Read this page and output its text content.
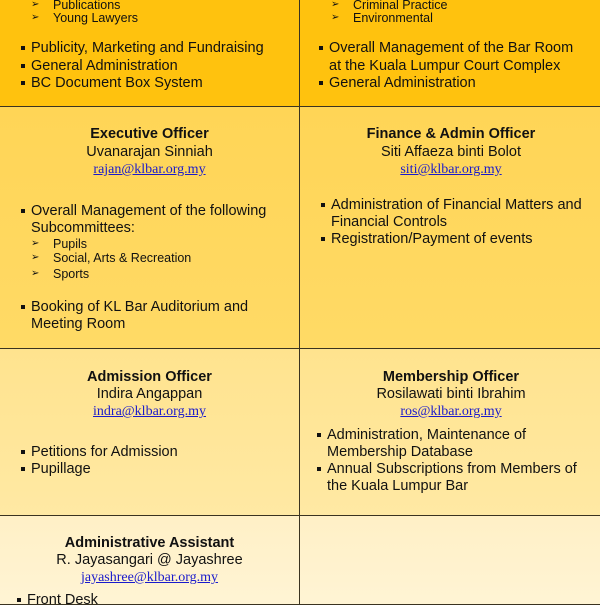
➢ Publications
➢ Young Lawyers
Publicity, Marketing and Fundraising
General Administration
BC Document Box System
➢ Criminal Practice
➢ Environmental
Overall Management of the Bar Room
at the Kuala Lumpur Court Complex
General Administration
Executive Officer
Uvanarajan Sinniah
rajan@klbar.org.my
Overall Management of the following
Subcommittees:
➢ Pupils
➢ Social, Arts & Recreation
➢ Sports
Booking of KL Bar Auditorium and
Meeting Room
Finance & Admin Officer
Siti Affaeza binti Bolot
siti@klbar.org.my
Administration of Financial Matters and
Financial Controls
Registration/Payment of events
Admission Officer
Indira Angappan
indra@klbar.org.my
Petitions for Admission
Pupillage
Membership Officer
Rosilawati binti Ibrahim
ros@klbar.org.my
Administration, Maintenance of
Membership Database
Annual Subscriptions from Members of
the Kuala Lumpur Bar
Administrative Assistant
R. Jayasangari @ Jayashree
jayashree@klbar.org.my
Front Desk
